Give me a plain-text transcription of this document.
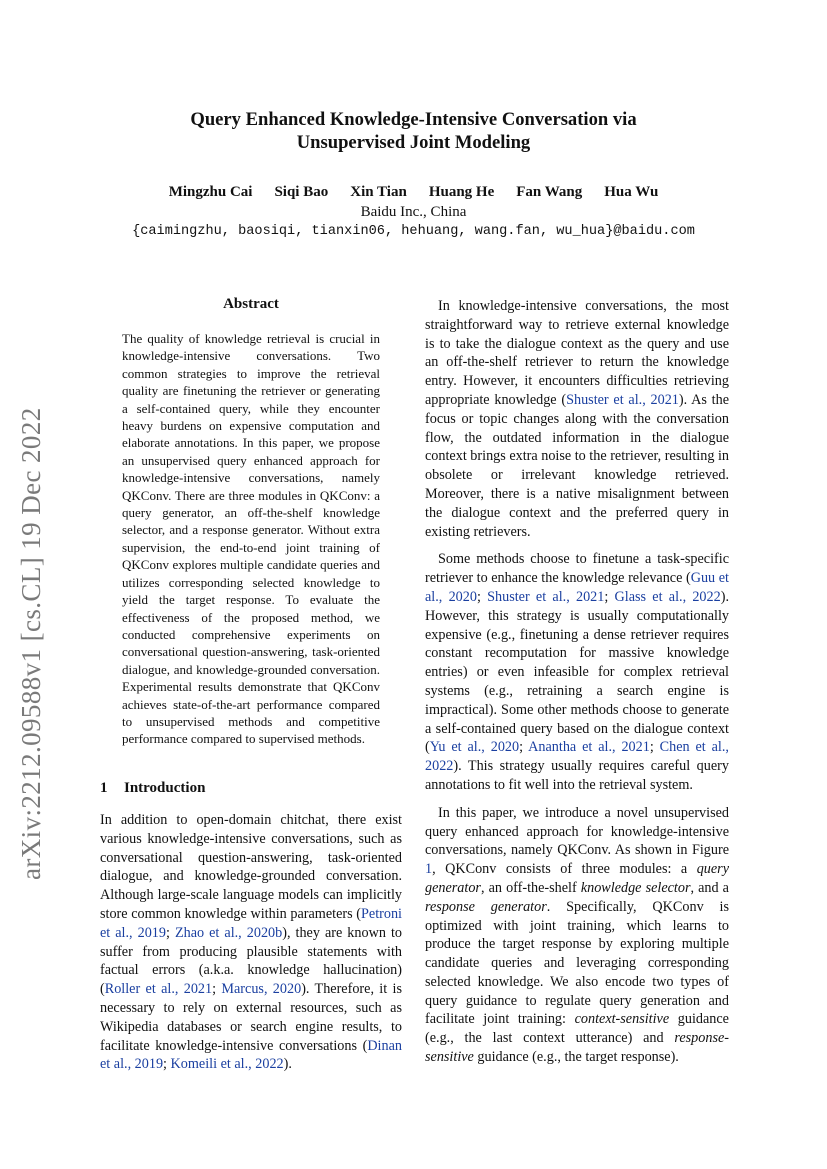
arXiv:2212.09588v1 [cs.CL] 19 Dec 2022
Query Enhanced Knowledge-Intensive Conversation via
Unsupervised Joint Modeling
Mingzhu Cai Siqi Bao Xin Tian Huang He Fan Wang Hua Wu
Baidu Inc., China
{caimingzhu, baosiqi, tianxin06, hehuang, wang.fan, wu_hua}@baidu.com
Abstract

The quality of knowledge retrieval is crucial in knowledge-intensive conversations. Two common strategies to improve the retrieval quality are finetuning the retriever or generating a self-contained query, while they encounter heavy burdens on expensive computation and elaborate annotations. In this paper, we propose an unsupervised query enhanced approach for knowledge-intensive conversations, namely QKConv. There are three modules in QKConv: a query generator, an off-the-shelf knowledge selector, and a response generator. Without extra supervision, the end-to-end joint training of QKConv explores multiple candidate queries and utilizes corresponding selected knowledge to yield the target response. To evaluate the effectiveness of the proposed method, we conducted comprehensive experiments on conversational question-answering, task-oriented dialogue, and knowledge-grounded conversation. Experimental results demonstrate that QKConv achieves state-of-the-art performance compared to unsupervised methods and competitive performance compared to supervised methods.

1 Introduction

In addition to open-domain chitchat, there exist various knowledge-intensive conversations, such as conversational question-answering, task-oriented dialogue, and knowledge-grounded conversation. Although large-scale language models can implicitly store common knowledge within parameters (Petroni et al., 2019; Zhao et al., 2020b), they are known to suffer from producing plausible statements with factual errors (a.k.a. knowledge hallucination) (Roller et al., 2021; Marcus, 2020). Therefore, it is necessary to rely on external resources, such as Wikipedia databases or search engine results, to facilitate knowledge-intensive conversations (Dinan et al., 2019; Komeili et al., 2022).

In knowledge-intensive conversations, the most straightforward way to retrieve external knowledge is to take the dialogue context as the query and use an off-the-shelf retriever to return the knowledge entry. However, it encounters difficulties retrieving appropriate knowledge (Shuster et al., 2021). As the focus or topic changes along with the conversation flow, the outdated information in the dialogue context brings extra noise to the retriever, resulting in obsolete or irrelevant knowledge retrieved. Moreover, there is a native misalignment between the dialogue context and the preferred query in existing retrievers.

Some methods choose to finetune a task-specific retriever to enhance the knowledge relevance (Guu et al., 2020; Shuster et al., 2021; Glass et al., 2022). However, this strategy is usually computationally expensive (e.g., finetuning a dense retriever requires constant recomputation for massive knowledge entries) or even infeasible for complex retrieval systems (e.g., retraining a search engine is impractical). Some other methods choose to generate a self-contained query based on the dialogue context (Yu et al., 2020; Anantha et al., 2021; Chen et al., 2022). This strategy usually requires careful query annotations to fit well into the retrieval system.

In this paper, we introduce a novel unsupervised query enhanced approach for knowledge-intensive conversations, namely QKConv. As shown in Figure 1, QKConv consists of three modules: a query generator, an off-the-shelf knowledge selector, and a response generator. Specifically, QKConv is optimized with joint training, which learns to produce the target response by exploring multiple candidate queries and leveraging corresponding selected knowledge. We also encode two types of query guidance to regulate query generation and facilitate joint training: context-sensitive guidance (e.g., the last context utterance) and response-sensitive guidance (e.g., the target response).
